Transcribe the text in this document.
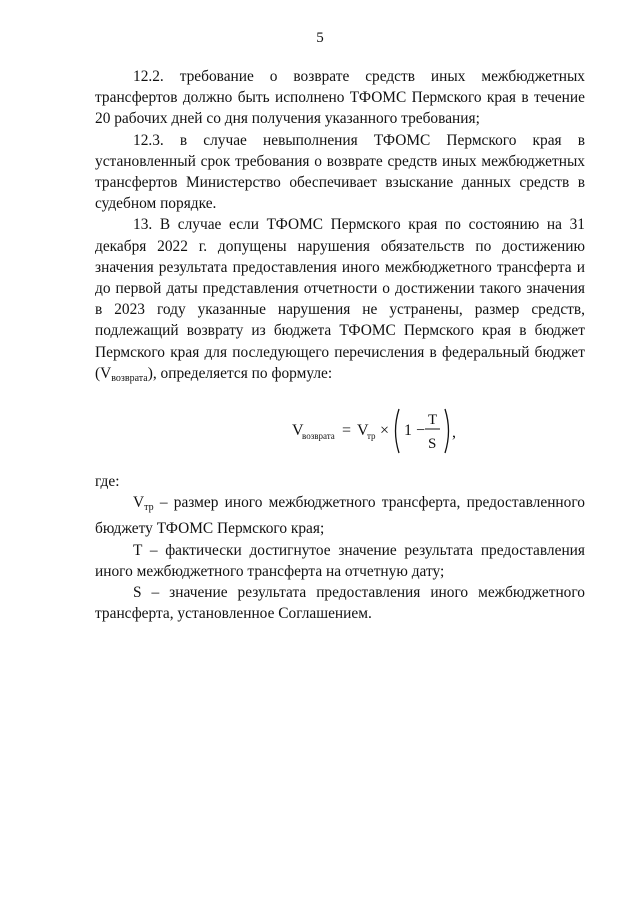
5

12.2. требование о возврате средств иных межбюджетных трансфертов должно быть исполнено ТФОМС Пермского края в течение 20 рабочих дней со дня получения указанного требования;

12.3. в случае невыполнения ТФОМС Пермского края в установленный срок требования о возврате средств иных межбюджетных трансфертов Министерство обеспечивает взыскание данных средств в судебном порядке.

13. В случае если ТФОМС Пермского края по состоянию на 31 декабря 2022 г. допущены нарушения обязательств по достижению значения результата предоставления иного межбюджетного трансферта и до первой даты представления отчетности о достижении такого значения в 2023 году указанные нарушения не устранены, размер средств, подлежащий возврату из бюджета ТФОМС Пермского края в бюджет Пермского края для последующего перечисления в федеральный бюджет $(V_{возврата})$, определяется по формуле:

V
возврата = V
тр × 1 −
T
S
,

где:

$V_{тр}$ – размер иного межбюджетного трансферта, предоставленного бюджету ТФОМС Пермского края;

T – фактически достигнутое значение результата предоставления иного межбюджетного трансферта на отчетную дату;

S – значение результата предоставления иного межбюджетного трансферта, установленное Соглашением.
